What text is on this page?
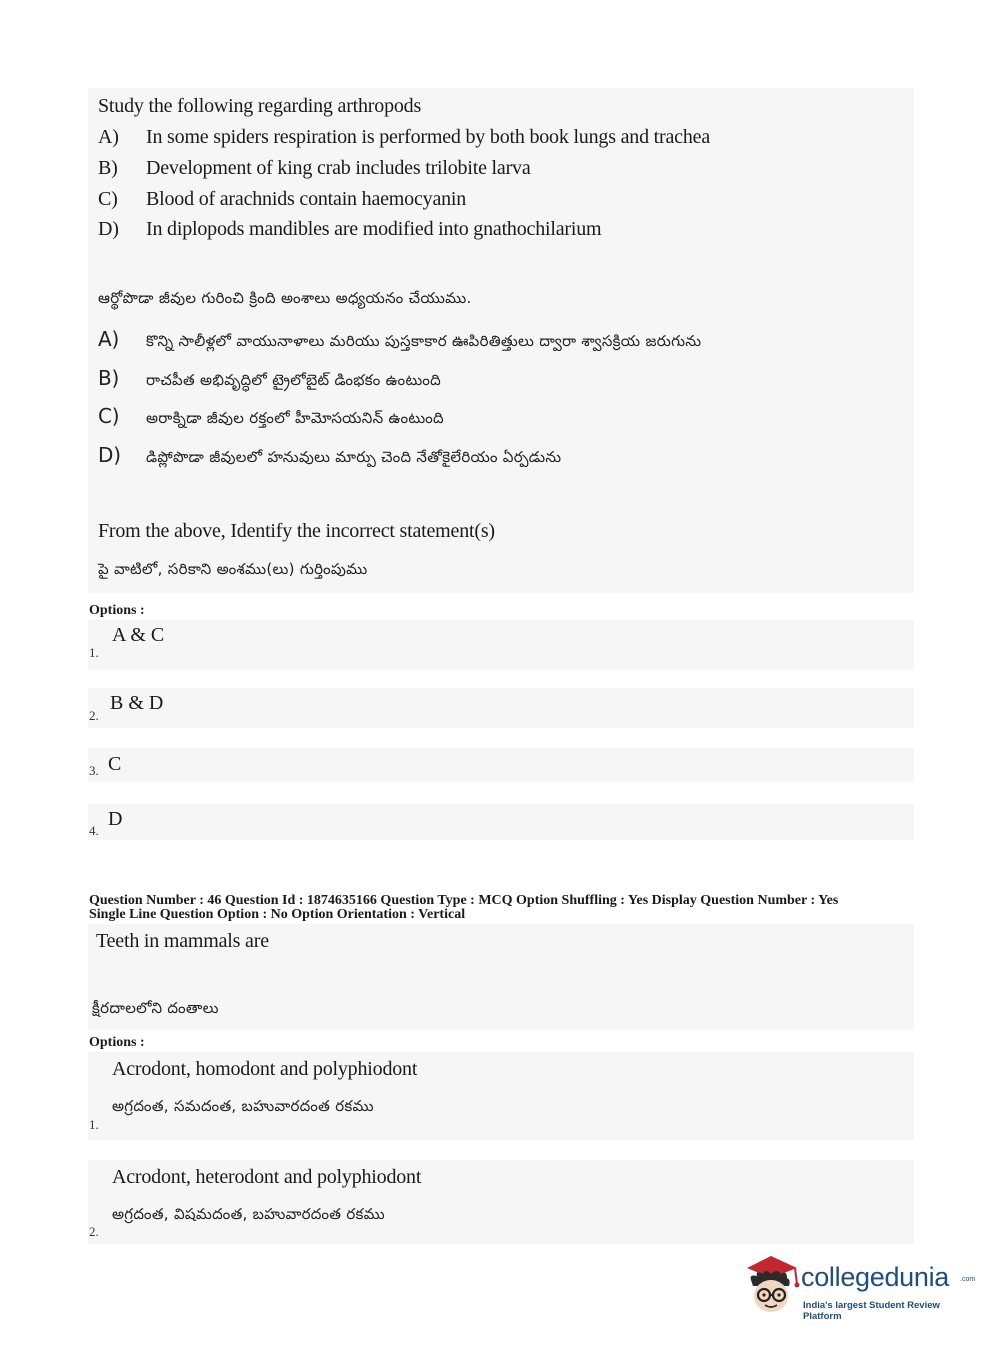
Study the following regarding arthropods
A) In some spiders respiration is performed by both book lungs and trachea
B) Development of king crab includes trilobite larva
C) Blood of arachnids contain haemocyanin
D) In diplopods mandibles are modified into gnathochilarium
ఆర్థోపొడా జీవుల గురించి క్రింది అంశాలు అధ్యయనం చేయుము.
A) కొన్ని సాలీళ్లలో వాయునాళాలు మరియు పుస్తకాకార ఊపిరితిత్తులు ద్వారా శ్వాసక్రియ జరుగును
B) రాచపీత అభివృద్ధిలో ట్రైలోబైట్ డింభకం ఉంటుంది
C) అరాక్నిడా జీవుల రక్తంలో హీమోసయనిన్ ఉంటుంది
D) డిప్లోపొడా జీవులలో హనువులు మార్పు చెంది నేతోకైలేరియం ఏర్పడును
From the above, Identify the incorrect statement(s)
పై వాటిలో, సరికాని అంశము(లు) గుర్తింపుము
Options :
1.
A & C
2.
B & D
3. C
4.
D
Question Number : 46 Question Id : 1874635166 Question Type : MCQ Option Shuffling : Yes Display Question Number : Yes
Single Line Question Option : No Option Orientation : Vertical
Teeth in mammals are
క్షీరదాలలోని దంతాలు
Options :
Acrodont, homodont and polyphiodont
అగ్రదంత, సమదంత, బహువారదంత రకము
1.
Acrodont, heterodont and polyphiodont
అగ్రదంత, విషమదంత, బహువారదంత రకము
2.
collegedunia .com
India's largest Student Review Platform
